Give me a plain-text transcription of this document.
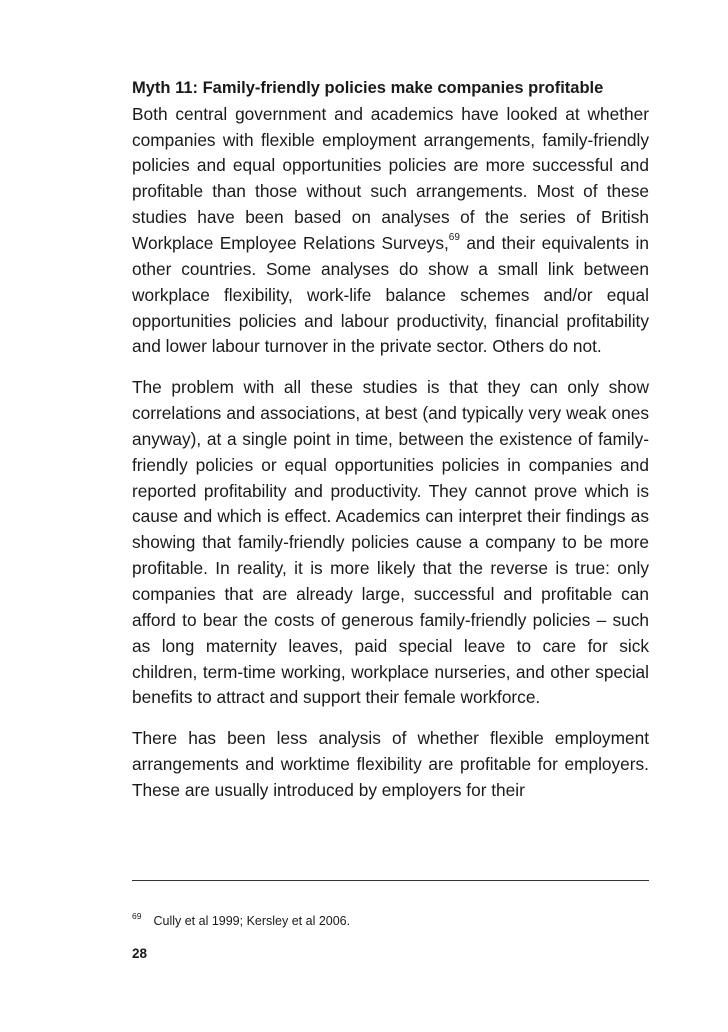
Myth 11: Family-friendly policies make companies profitable

Both central government and academics have looked at whether companies with flexible employment arrangements, family-friendly policies and equal opportunities policies are more successful and profitable than those without such arrangements. Most of these studies have been based on analyses of the series of British Workplace Employee Relations Surveys,$^{69}$ and their equivalents in other countries. Some analyses do show a small link between workplace flexibility, work-life balance schemes and/or equal opportunities policies and labour productivity, financial profitability and lower labour turnover in the private sector. Others do not.

The problem with all these studies is that they can only show correlations and associations, at best (and typically very weak ones anyway), at a single point in time, between the existence of family-friendly policies or equal opportunities policies in companies and reported profitability and productivity. They cannot prove which is cause and which is effect. Academics can interpret their findings as showing that family-friendly policies cause a company to be more profitable. In reality, it is more likely that the reverse is true: only companies that are already large, successful and profitable can afford to bear the costs of generous family-friendly policies – such as long maternity leaves, paid special leave to care for sick children, term-time working, workplace nurseries, and other special benefits to attract and support their female workforce.

There has been less analysis of whether flexible employment arrangements and worktime flexibility are profitable for employers. These are usually introduced by employers for their

$^{69}$ Cully et al 1999; Kersley et al 2006.
28
